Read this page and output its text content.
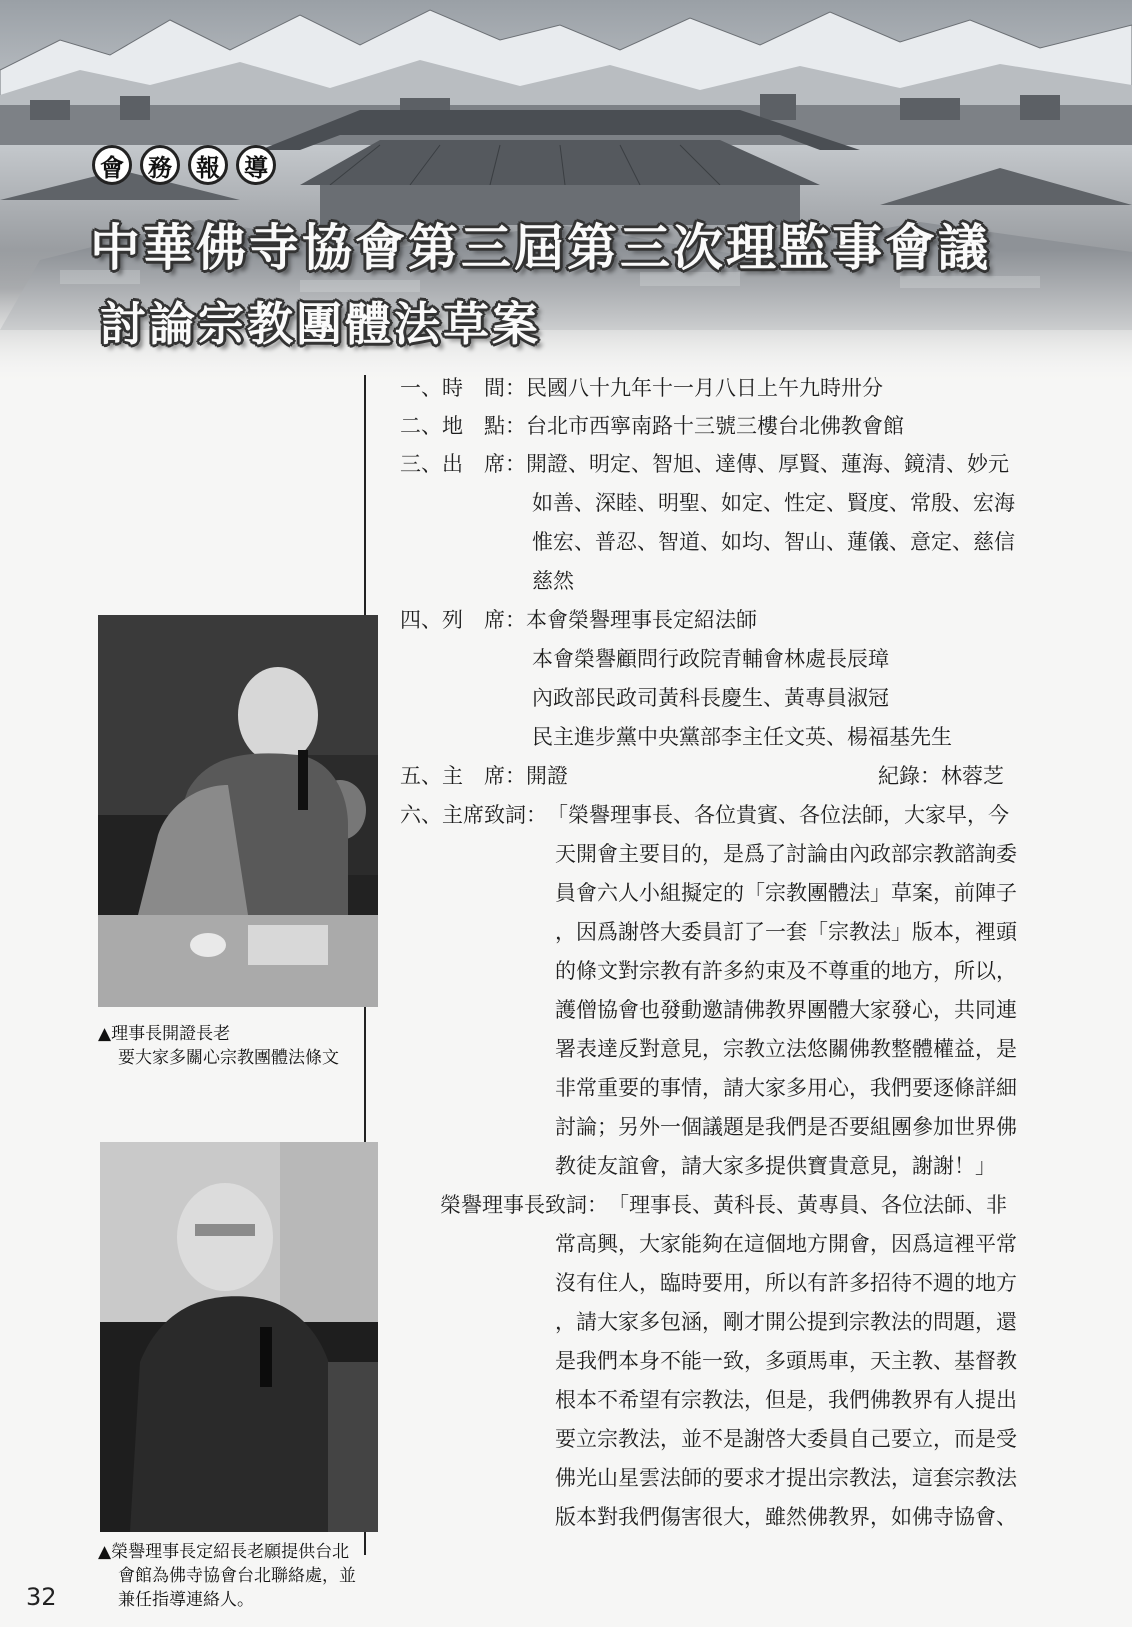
會	務	報	導
中華佛寺協會第三屆第三次理監事會議
討論宗教團體法草案
▲理事長開證長老
要大家多關心宗教團體法條文
▲榮譽理事長定紹長老願提供台北
會館為佛寺協會台北聯絡處，並
兼任指導連絡人。
32
一、時　間：民國八十九年十一月八日上午九時卅分
二、地　點：台北市西寧南路十三號三樓台北佛教會館
三、出　席：開證、明定、智旭、達傳、厚賢、蓮海、鏡清、妙元
如善、深睦、明聖、如定、性定、賢度、常殷、宏海
惟宏、普忍、智道、如均、智山、蓮儀、意定、慈信
慈然
四、列　席：本會榮譽理事長定紹法師
本會榮譽顧問行政院青輔會林處長辰璋
內政部民政司黃科長慶生、黃專員淑冠
民主進步黨中央黨部李主任文英、楊福基先生
五、主　席：開證	紀錄：林蓉芝
六、主席致詞：「榮譽理事長、各位貴賓、各位法師，大家早，今
天開會主要目的，是爲了討論由內政部宗教諮詢委
員會六人小組擬定的「宗教團體法」草案，前陣子
，因爲謝啓大委員訂了一套「宗教法」版本，裡頭
的條文對宗教有許多約束及不尊重的地方，所以，
護僧協會也發動邀請佛教界團體大家發心，共同連
署表達反對意見，宗教立法悠關佛教整體權益，是
非常重要的事情，請大家多用心，我們要逐條詳細
討論；另外一個議題是我們是否要組團參加世界佛
教徒友誼會，請大家多提供寶貴意見，謝謝！」
榮譽理事長致詞：「理事長、黃科長、黃專員、各位法師、非
常高興，大家能夠在這個地方開會，因爲這裡平常
沒有住人，臨時要用，所以有許多招待不週的地方
，請大家多包涵，剛才開公提到宗教法的問題，還
是我們本身不能一致，多頭馬車，天主教、基督教
根本不希望有宗教法，但是，我們佛教界有人提出
要立宗教法，並不是謝啓大委員自己要立，而是受
佛光山星雲法師的要求才提出宗教法，這套宗教法
版本對我們傷害很大，雖然佛教界，如佛寺協會、
